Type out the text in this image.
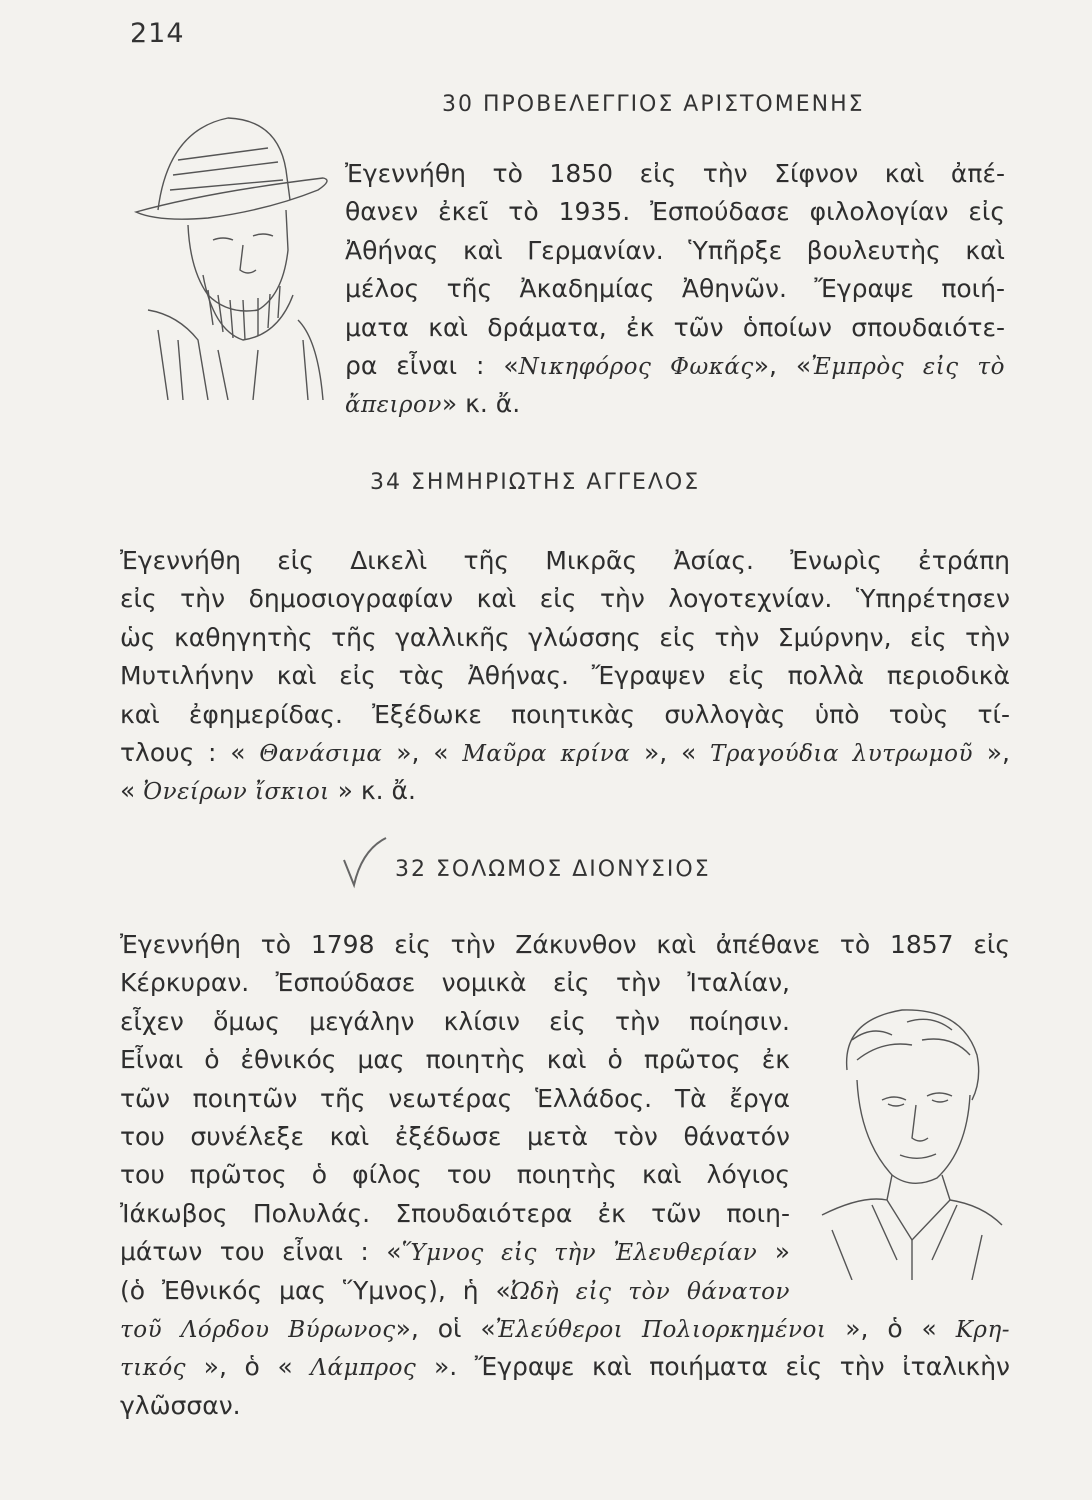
214
30 ΠΡΟΒΕΛΕΓΓΙΟΣ ΑΡΙΣΤΟΜΕΝΗΣ
Ἐγεννήθη τὸ 1850 εἰς τὴν Σίφνον καὶ ἀπέ-
θανεν ἐκεῖ τὸ 1935. Ἐσπούδασε φιλολογίαν εἰς
Ἀθήνας καὶ Γερμανίαν. Ὑπῆρξε βουλευτὴς καὶ
μέλος τῆς Ἀκαδημίας Ἀθηνῶν. Ἔγραψε ποιή-
ματα καὶ δράματα, ἐκ τῶν ὁποίων σπουδαιότε-
ρα εἶναι : «Νικηφόρος Φωκάς», «Ἐμπρὸς εἰς τὸ
ἄπειρον» κ. ἄ.
34 ΣΗΜΗΡΙΩΤΗΣ ΑΓΓΕΛΟΣ
Ἐγεννήθη εἰς Δικελὶ τῆς Μικρᾶς Ἀσίας. Ἐνωρὶς ἐτράπη
εἰς τὴν δημοσιογραφίαν καὶ εἰς τὴν λογοτεχνίαν. Ὑπηρέτησεν
ὡς καθηγητὴς τῆς γαλλικῆς γλώσσης εἰς τὴν Σμύρνην, εἰς τὴν
Μυτιλήνην καὶ εἰς τὰς Ἀθήνας. Ἔγραψεν εἰς πολλὰ περιοδικὰ
καὶ ἐφημερίδας. Ἐξέδωκε ποιητικὰς συλλογὰς ὑπὸ τοὺς τί-
τλους : « Θανάσιμα », « Μαῦρα κρίνα », « Τραγούδια λυτρωμοῦ »,
« Ὀνείρων ἴσκιοι » κ. ἄ.
32 ΣΟΛΩΜΟΣ ΔΙΟΝΥΣΙΟΣ
Ἐγεννήθη τὸ 1798 εἰς τὴν Ζάκυνθον καὶ ἀπέθανε τὸ 1857 εἰς
Κέρκυραν. Ἐσπούδασε νομικὰ εἰς τὴν Ἰταλίαν,
εἶχεν ὅμως μεγάλην κλίσιν εἰς τὴν ποίησιν.
Εἶναι ὁ ἐθνικός μας ποιητὴς καὶ ὁ πρῶτος ἐκ
τῶν ποιητῶν τῆς νεωτέρας Ἑλλάδος. Τὰ ἔργα
του συνέλεξε καὶ ἐξέδωσε μετὰ τὸν θάνατόν
του πρῶτος ὁ φίλος του ποιητὴς καὶ λόγιος
Ἰάκωβος Πολυλάς. Σπουδαιότερα ἐκ τῶν ποιη-
μάτων του εἶναι : «Ὕμνος εἰς τὴν Ἐλευθερίαν »
(ὁ Ἐθνικός μας Ὕμνος), ἡ «Ὠδὴ εἰς τὸν θάνατον
τοῦ Λόρδου Βύρωνος», οἱ «Ἐλεύθεροι Πολιορκημένοι », ὁ « Κρη-
τικός », ὁ « Λάμπρος ». Ἔγραψε καὶ ποιήματα εἰς τὴν ἰταλικὴν
γλῶσσαν.
